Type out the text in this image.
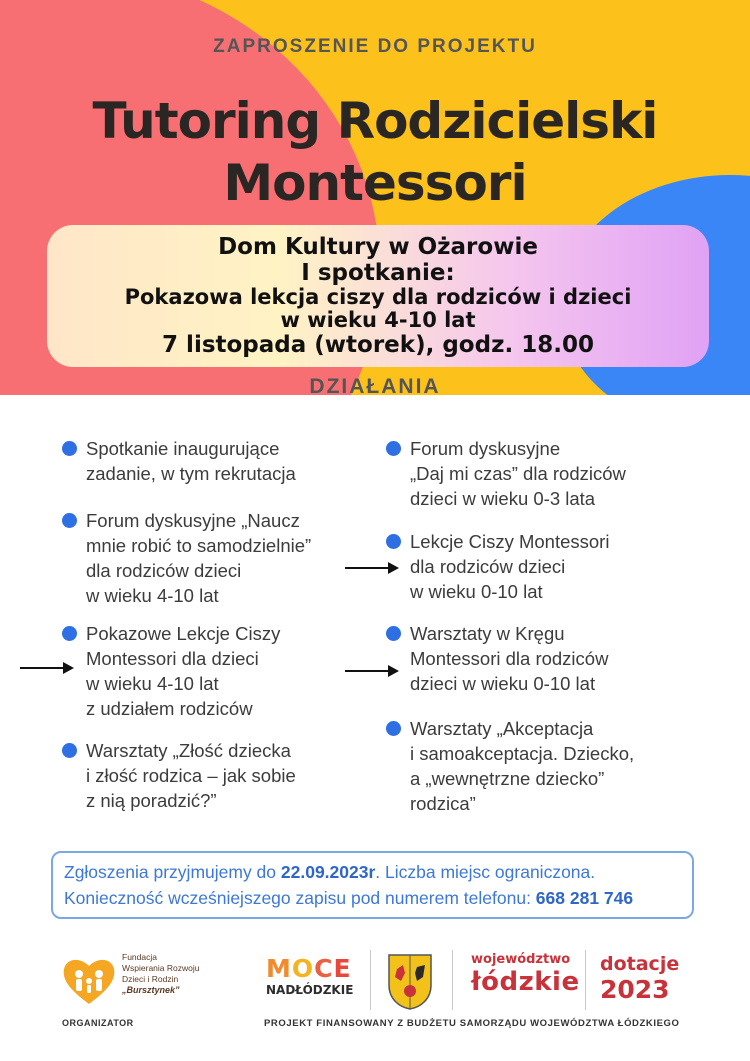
ZAPROSZENIE DO PROJEKTU
Tutoring Rodzicielski
Montessori
Dom Kultury w Ożarowie
I spotkanie:
Pokazowa lekcja ciszy dla rodziców i dzieci
w wieku 4-10 lat
7 listopada (wtorek), godz. 18.00
DZIAŁANIA
Spotkanie inaugurujące
zadanie, w tym rekrutacja
Forum dyskusyjne „Naucz
mnie robić to samodzielnie”
dla rodziców dzieci
w wieku 4-10 lat
Pokazowe Lekcje Ciszy
Montessori dla dzieci
w wieku 4-10 lat
z udziałem rodziców
Warsztaty „Złość dziecka
i złość rodzica – jak sobie
z nią poradzić?”
Forum dyskusyjne
„Daj mi czas” dla rodziców
dzieci w wieku 0-3 lata
Lekcje Ciszy Montessori
dla rodziców dzieci
w wieku 0-10 lat
Warsztaty w Kręgu
Montessori dla rodziców
dzieci w wieku 0-10 lat
Warsztaty „Akceptacja
i samoakceptacja. Dziecko,
a „wewnętrzne dziecko”
rodzica”
Zgłoszenia przyjmujemy do 22.09.2023r. Liczba miejsc ograniczona.
Konieczność wcześniejszego zapisu pod numerem telefonu: 668 281 746
Fundacja
Wspierania Rozwoju
Dzieci i Rodzin
„Bursztynek”
ORGANIZATOR
MOCE
NADŁÓDZKIE
województwo
łódzkie
dotacje
2023
PROJEKT FINANSOWANY Z BUDŻETU SAMORZĄDU WOJEWÓDZTWA ŁÓDZKIEGO
